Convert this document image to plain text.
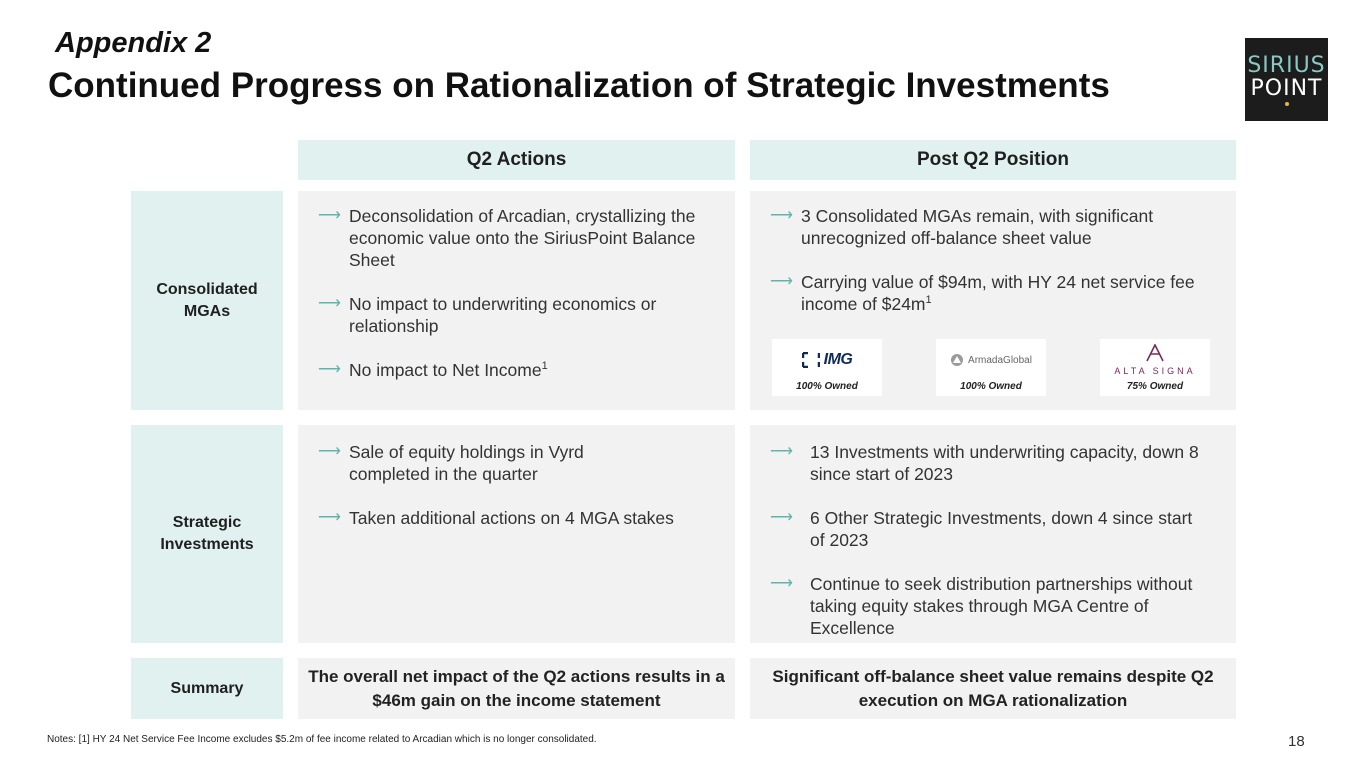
Appendix 2
Continued Progress on Rationalization of Strategic Investments
SIRIUS
POINT
Q2 Actions	Post Q2 Position
Consolidated MGAs
⟶ Deconsolidation of Arcadian, crystallizing the economic value onto the SiriusPoint Balance Sheet
⟶ No impact to underwriting economics or relationship
⟶ No impact to Net Income$^1$
⟶ 3 Consolidated MGAs remain, with significant unrecognized off-balance sheet value
⟶ Carrying value of $94m, with HY 24 net service fee income of $\$24m^1$
IMG
100% Owned
ArmadaGlobal
100% Owned
ALTA SIGNA
75% Owned
Strategic Investments
⟶ Sale of equity holdings in Vyrd completed in the quarter
⟶ Taken additional actions on 4 MGA stakes
⟶ 13 Investments with underwriting capacity, down 8 since start of 2023
⟶ 6 Other Strategic Investments, down 4 since start of 2023
⟶ Continue to seek distribution partnerships without taking equity stakes through MGA Centre of Excellence
Summary
The overall net impact of the Q2 actions results in a $46m gain on the income statement
Significant off-balance sheet value remains despite Q2 execution on MGA rationalization
Notes: [1] HY 24 Net Service Fee Income excludes $5.2m of fee income related to Arcadian which is no longer consolidated.	18
